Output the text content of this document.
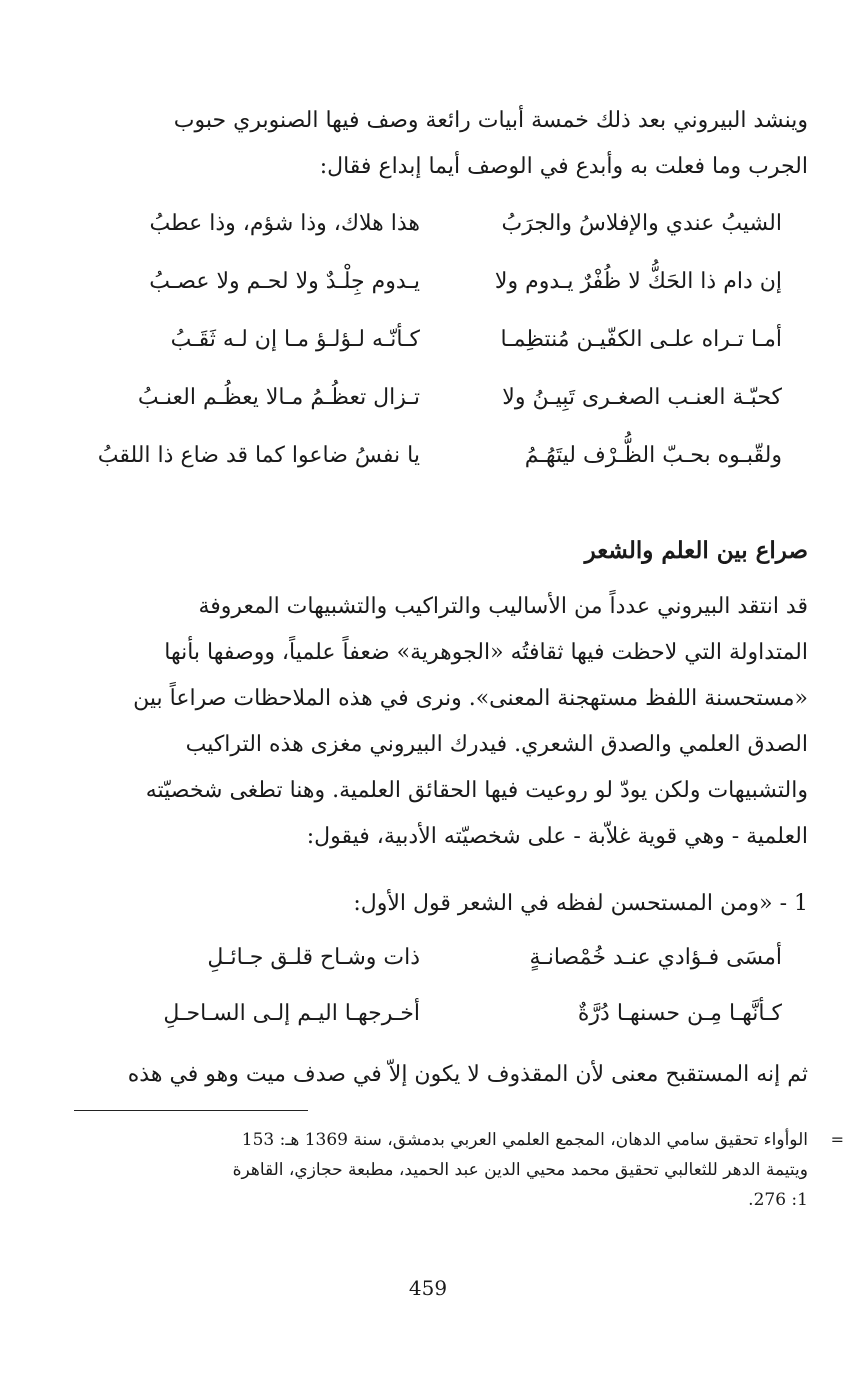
وينشد البيروني بعد ذلك خمسة أبيات رائعة وصف فيها الصنوبري حبوب

الجرب وما فعلت به وأبدع في الوصف أيما إبداع فقال:

الشيبُ عندي والإفلاسُ والجرَبُ
هذا هلاك، وذا شؤم، وذا عطبُ
إن دام ذا الحَكُّ لا ظُفْرٌ يـدوم ولا
يـدوم جِلْـدٌ ولا لحـم ولا عصـبُ
أمـا تـراه علـى الكفّيـن مُنتظِمـا
كـأنّـه لـؤلـؤ مـا إن لـه ثَقَـبُ
كحبّـة العنـب الصغـرى تَبِيـنُ ولا
تـزال تعظُـمُ مـالا يعظُـم العنـبُ
ولقّبـوه بحـبّ الظُّـرْف ليتَهُـمُ
يا نفسُ ضاعوا كما قد ضاع ذا اللقبُ
صراع بين العلم والشعر

قد انتقد البيروني عدداً من الأساليب والتراكيب والتشبيهات المعروفة

المتداولة التي لاحظت فيها ثقافتُه «الجوهرية» ضعفاً علمياً، ووصفها بأنها

«مستحسنة اللفظ مستهجنة المعنى». ونرى في هذه الملاحظات صراعاً بين

الصدق العلمي والصدق الشعري. فيدرك البيروني مغزى هذه التراكيب

والتشبيهات ولكن يودّ لو روعيت فيها الحقائق العلمية. وهنا تطغى شخصيّته

العلمية - وهي قوية غلاّبة - على شخصيّته الأدبية، فيقول:

1 - «ومن المستحسن لفظه في الشعر قول الأول:
أمسَى فـؤادي عنـد خُمْصانـةٍ
ذات وشـاح قلـق جـائـلِ
كـأنَّهـا مِـن حسنهـا دُرَّةٌ
أخـرجهـا اليـم إلـى السـاحـلِ

ثم إنه المستقبح معنى لأن المقذوف لا يكون إلاّ في صدف ميت وهو في هذه

=

الوأواء تحقيق سامي الدهان، المجمع العلمي العربي بدمشق، سنة 1369 هـ: 153

ويتيمة الدهر للثعالبي تحقيق محمد محيي الدين عبد الحميد، مطبعة حجازي، القاهرة

1: 276.

459
